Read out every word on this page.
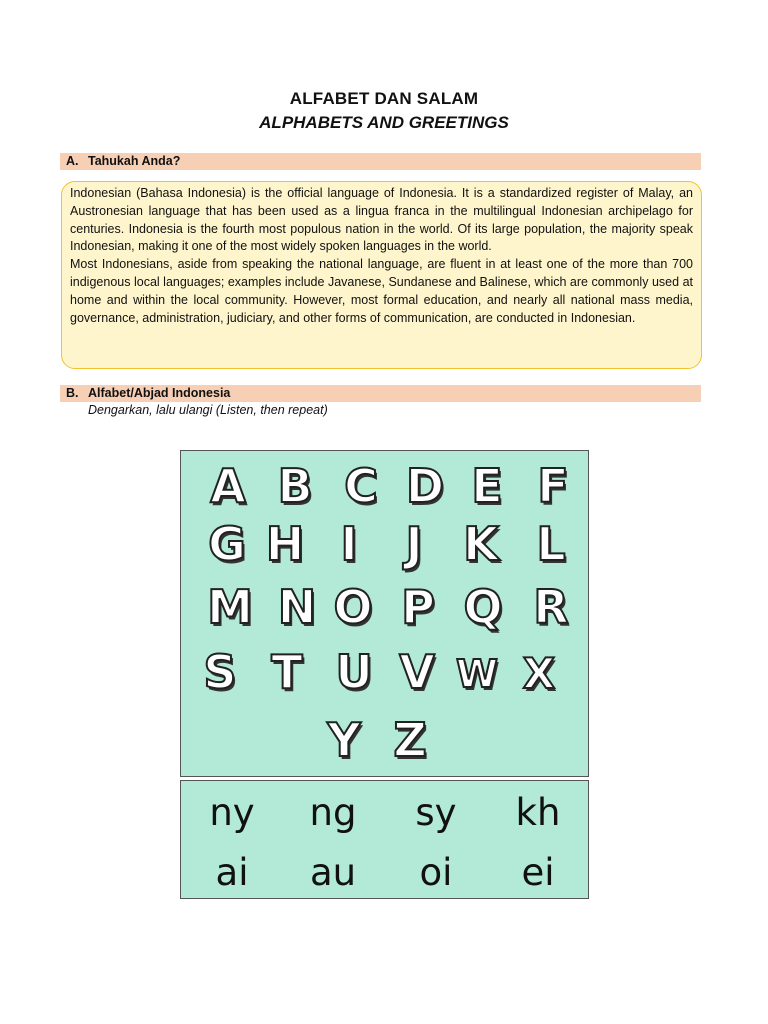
ALFABET DAN SALAM
ALPHABETS AND GREETINGS
A. Tahukah Anda?

Indonesian (Bahasa Indonesia) is the official language of Indonesia. It is a standardized register of Malay, an Austronesian language that has been used as a lingua franca in the multilingual Indonesian archipelago for centuries. Indonesia is the fourth most populous nation in the world. Of its large population, the majority speak Indonesian, making it one of the most widely spoken languages in the world.

Most Indonesians, aside from speaking the national language, are fluent in at least one of the more than 700 indigenous local languages; examples include Javanese, Sundanese and Balinese, which are commonly used at home and within the local community. However, most formal education, and nearly all national mass media, governance, administration, judiciary, and other forms of communication, are conducted in Indonesian.

B. Alfabet/Abjad Indonesia
Dengarkan, lalu ulangi (Listen, then repeat)
A B C D E F
G H I J K L
M N O P Q R
S T U V W X
Y Z
ny ng sy kh
ai au oi ei
